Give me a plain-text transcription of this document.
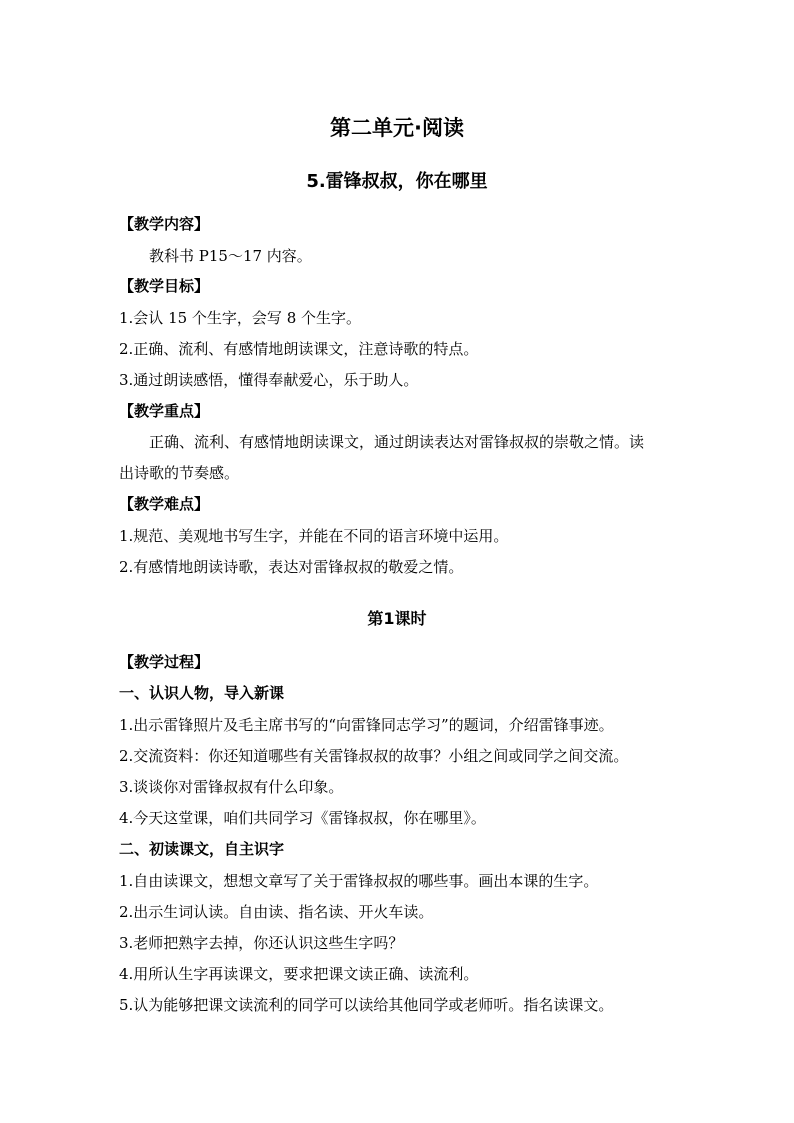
第二单元·阅读
5.雷锋叔叔，你在哪里
【教学内容】
教科书 P15～17 内容。
【教学目标】
1.会认 15 个生字，会写 8 个生字。
2.正确、流利、有感情地朗读课文，注意诗歌的特点。
3.通过朗读感悟，懂得奉献爱心，乐于助人。
【教学重点】
正确、流利、有感情地朗读课文，通过朗读表达对雷锋叔叔的崇敬之情。读
出诗歌的节奏感。
【教学难点】
1.规范、美观地书写生字，并能在不同的语言环境中运用。
2.有感情地朗读诗歌，表达对雷锋叔叔的敬爱之情。
第1课时
【教学过程】
一、认识人物，导入新课
1.出示雷锋照片及毛主席书写的“向雷锋同志学习”的题词，介绍雷锋事迹。
2.交流资料：你还知道哪些有关雷锋叔叔的故事？小组之间或同学之间交流。
3.谈谈你对雷锋叔叔有什么印象。
4.今天这堂课，咱们共同学习《雷锋叔叔，你在哪里》。
二、初读课文，自主识字
1.自由读课文，想想文章写了关于雷锋叔叔的哪些事。画出本课的生字。
2.出示生词认读。自由读、指名读、开火车读。
3.老师把熟字去掉，你还认识这些生字吗？
4.用所认生字再读课文，要求把课文读正确、读流利。
5.认为能够把课文读流利的同学可以读给其他同学或老师听。指名读课文。
